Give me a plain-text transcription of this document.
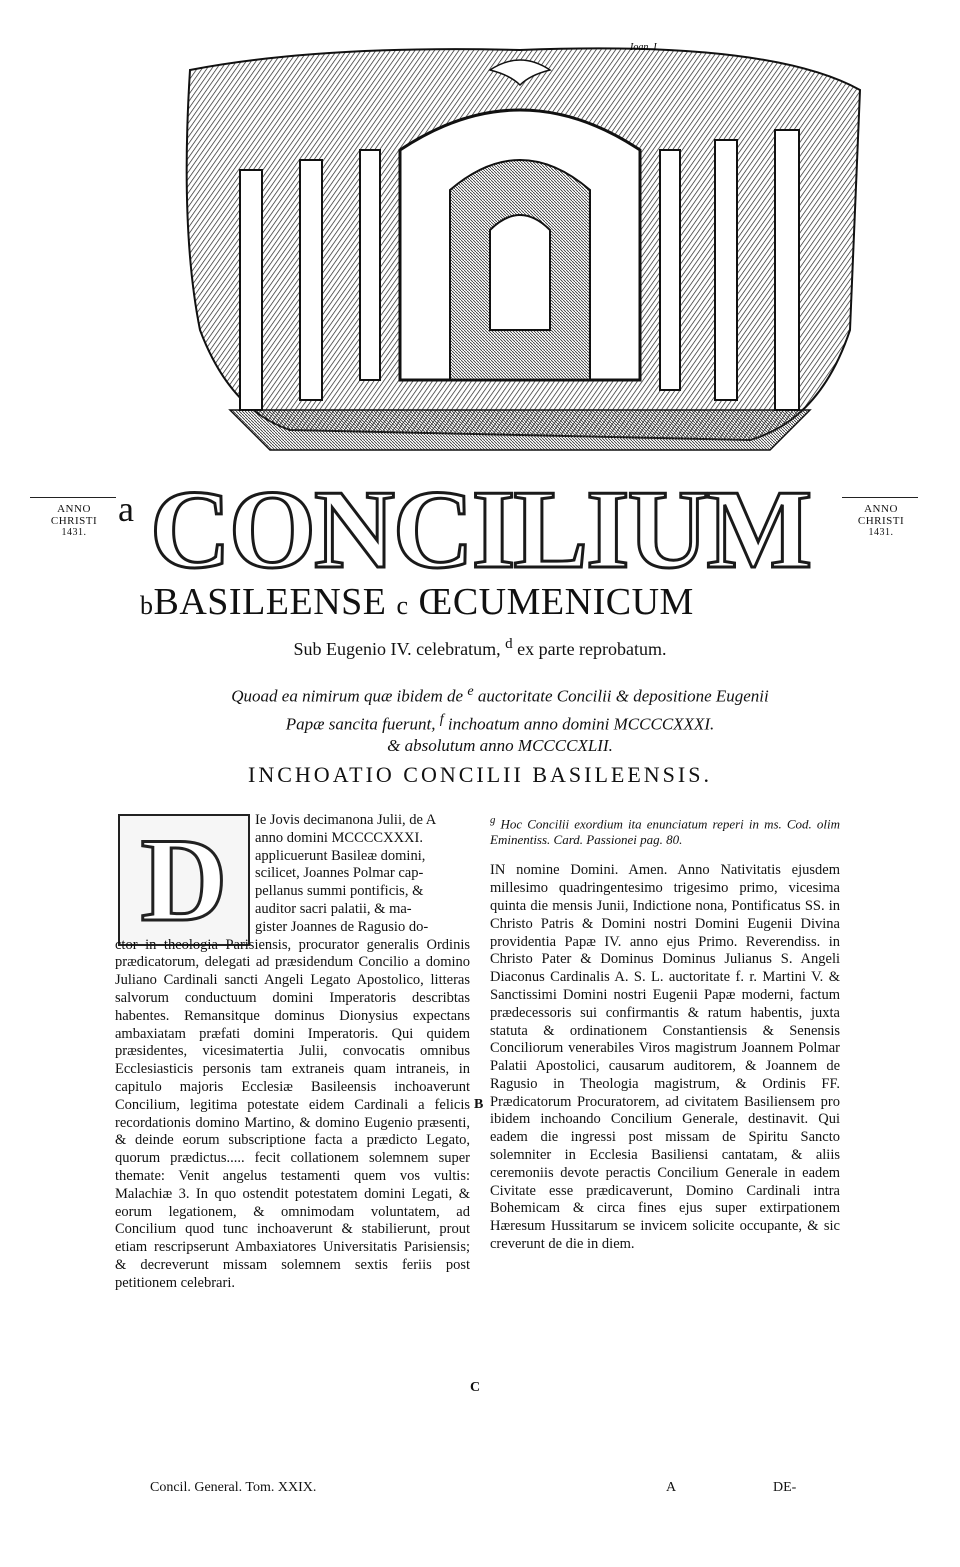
Ioan. I
ANNO
CHRISTI
1431.
ANNO
CHRISTI
1431.
a CONCILIUM
bBASILEENSE c ŒCUMENICUM
Sub Eugenio IV. celebratum, $^d$ ex parte reprobatum.
Quoad ea nimirum quæ ibidem de $^e$ auctoritate Concilii & depositione Eugenii
Papæ sancita fuerunt, $^f$ inchoatum anno domini MCCCCXXXI.
& absolutum anno MCCCCXLII.
INCHOATIO CONCILII BASILEENSIS.
D	Ie Jovis decimanona Julii, de A
anno domini MCCCCXXXI.
applicuerunt Basileæ domini,
scilicet, Joannes Polmar cap-
pellanus summi pontificis, &
auditor sacri palatii, & ma-
gister Joannes de Ragusio do-

ctor in theologia Parisiensis, procurator generalis Ordinis prædicatorum, delegati ad præsidendum Concilio a domino Juliano Cardinali sancti Angeli Legato Apostolico, litteras salvorum conductuum domini Imperatoris describtas habentes. Remansitque dominus Dionysius expectans ambaxiatam præfati domini Imperatoris. Qui quidem præsidentes, vicesimatertia Julii, convocatis omnibus Ecclesiasticis personis tam extraneis quam intraneis, in capitulo majoris Ecclesiæ Basileensis inchoaverunt Concilium, legitima potestate eidem Cardinali a felicis recordationis domino Martino, & domino Eugenio præsenti, & deinde eorum subscriptione facta a prædicto Legato, quorum prædictus..... fecit collationem solemnem super themate: Venit angelus testamenti quem vos vultis: Malachiæ 3. In quo ostendit potestatem domini Legati, & eorum legationem, & omnimodam voluntatem, ad Concilium quod tunc inchoaverunt & stabilierunt, prout etiam rescripserunt Ambaxiatores Universitatis Parisiensis; & decreverunt missam solemnem sextis feriis post petitionem celebrari.

B
C

$^g$ Hoc Concilii exordium ita enunciatum reperi in ms. Cod. olim Eminentiss. Card. Passionei pag. 80.

IN nomine Domini. Amen. Anno Nativitatis ejusdem millesimo quadringentesimo trigesimo primo, vicesima quinta die mensis Junii, Indictione nona, Pontificatus SS. in Christo Patris & Domini nostri Domini Eugenii Divina providentia Papæ IV. anno ejus Primo. Reverendiss. in Christo Pater & Dominus Dominus Julianus S. Angeli Diaconus Cardinalis A. S. L. auctoritate f. r. Martini V. & Sanctissimi Domini nostri Eugenii Papæ moderni, factum prædecessoris sui confirmantis & ratum habentis, juxta statuta & ordinationem Constantiensis & Senensis Conciliorum venerabiles Viros magistrum Joannem Polmar Palatii Apostolici, causarum auditorem, & Joannem de Ragusio in Theologia magistrum, & Ordinis FF. Prædicatorum Procuratorem, ad civitatem Basiliensem pro ibidem inchoando Concilium Generale, destinavit. Qui eadem die ingressi post missam de Spiritu Sancto solemniter in Ecclesia Basiliensi cantatam, & aliis ceremoniis devote peractis Concilium Generale in eadem Civitate esse prædicaverunt, Domino Cardinali intra Bohemicam & circa fines ejus super extirpationem Hæresum Hussitarum se invicem solicite occupante, & sic creverunt de die in diem.

Concil. General. Tom. XXIX.	A	DE-
